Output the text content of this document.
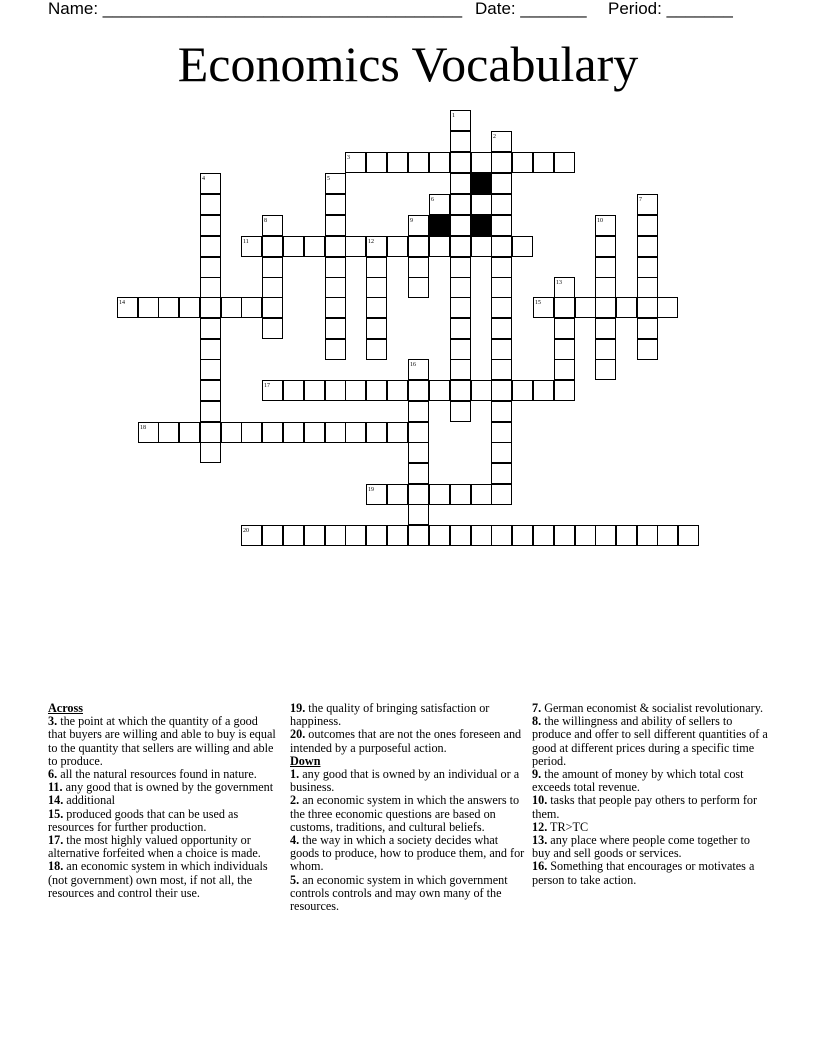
Name: ______________________________________ Date: _______ Period: _______
Economics Vocabulary
1
2
3
4	5
6	7
8	9	10
11	12
13
14	15
16
17
18
19
20
Across

3. the point at which the quantity of a good that buyers are willing and able to buy is equal to the quantity that sellers are willing and able to produce.

6. all the natural resources found in nature.

11. any good that is owned by the government

14. additional

15. produced goods that can be used as resources for further production.

17. the most highly valued opportunity or alternative forfeited when a choice is made.

18. an economic system in which individuals (not government) own most, if not all, the resources and control their use.

19. the quality of bringing satisfaction or happiness.

20. outcomes that are not the ones foreseen and intended by a purposeful action.

Down

1. any good that is owned by an individual or a business.

2. an economic system in which the answers to the three economic questions are based on customs, traditions, and cultural beliefs.

4. the way in which a society decides what goods to produce, how to produce them, and for whom.

5. an economic system in which government controls controls and may own many of the resources.

7. German economist & socialist revolutionary.

8. the willingness and ability of sellers to produce and offer to sell different quantities of a good at different prices during a specific time period.

9. the amount of money by which total cost exceeds total revenue.

10. tasks that people pay others to perform for them.

12. TR>TC

13. any place where people come together to buy and sell goods or services.

16. Something that encourages or motivates a person to take action.
